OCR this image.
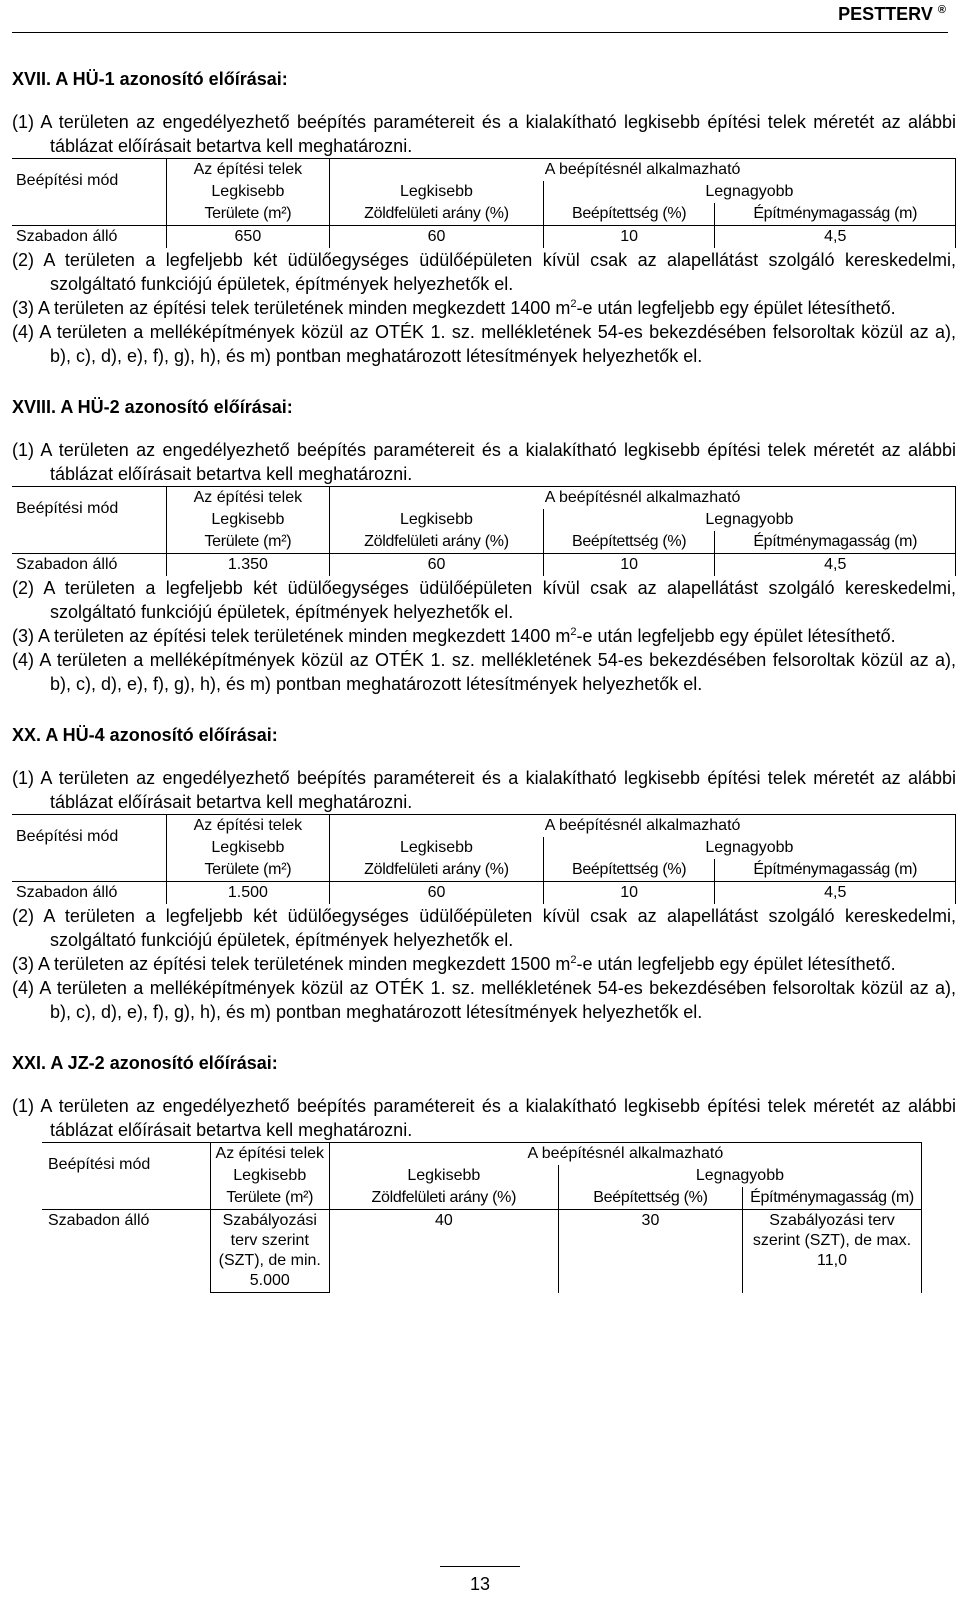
PESTTERV ®
XVII. A HÜ-1 azonosító előírásai:

(1) A területen az engedélyezhető beépítés paramétereit és a kialakítható legkisebb építési telek méretét az alábbi táblázat előírásait betartva kell meghatározni.

Beépítési mód	Az építési telek	A beépítésnél alkalmazható		
	Legkisebb	Legkisebb	Legnagyobb	
	Területe (m²)	Zöldfelületi arány (%)	Beépítettség (%)	Építménymagasság (m)
Szabadon álló	650	60	10	4,5

(2) A területen a legfeljebb két üdülőegységes üdülőépületen kívül csak az alapellátást szolgáló kereskedelmi, szolgáltató funkciójú épületek, építmények helyezhetők el.

(3) A területen az építési telek területének minden megkezdett 1400 $m^2-e$ után legfeljebb egy épület létesíthető.

(4) A területen a melléképítmények közül az OTÉK 1. sz. mellékletének 54-es bekezdésében felsoroltak közül az a), b), c), d), e), f), g), h), és m) pontban meghatározott létesítmények helyezhetők el.

XVIII. A HÜ-2 azonosító előírásai:

(1) A területen az engedélyezhető beépítés paramétereit és a kialakítható legkisebb építési telek méretét az alábbi táblázat előírásait betartva kell meghatározni.

Beépítési mód	Az építési telek	A beépítésnél alkalmazható		
	Legkisebb	Legkisebb	Legnagyobb	
	Területe (m²)	Zöldfelületi arány (%)	Beépítettség (%)	Építménymagasság (m)
Szabadon álló	1.350	60	10	4,5

(2) A területen a legfeljebb két üdülőegységes üdülőépületen kívül csak az alapellátást szolgáló kereskedelmi, szolgáltató funkciójú épületek, építmények helyezhetők el.

(3) A területen az építési telek területének minden megkezdett 1400 $m^2-e$ után legfeljebb egy épület létesíthető.

(4) A területen a melléképítmények közül az OTÉK 1. sz. mellékletének 54-es bekezdésében felsoroltak közül az a), b), c), d), e), f), g), h), és m) pontban meghatározott létesítmények helyezhetők el.

XX. A HÜ-4 azonosító előírásai:

(1) A területen az engedélyezhető beépítés paramétereit és a kialakítható legkisebb építési telek méretét az alábbi táblázat előírásait betartva kell meghatározni.

Beépítési mód	Az építési telek	A beépítésnél alkalmazható		
	Legkisebb	Legkisebb	Legnagyobb	
	Területe (m²)	Zöldfelületi arány (%)	Beépítettség (%)	Építménymagasság (m)
Szabadon álló	1.500	60	10	4,5

(2) A területen a legfeljebb két üdülőegységes üdülőépületen kívül csak az alapellátást szolgáló kereskedelmi, szolgáltató funkciójú épületek, építmények helyezhetők el.

(3) A területen az építési telek területének minden megkezdett 1500 $m^2-e$ után legfeljebb egy épület létesíthető.

(4) A területen a melléképítmények közül az OTÉK 1. sz. mellékletének 54-es bekezdésében felsoroltak közül az a), b), c), d), e), f), g), h), és m) pontban meghatározott létesítmények helyezhetők el.

XXI. A JZ-2 azonosító előírásai:

(1) A területen az engedélyezhető beépítés paramétereit és a kialakítható legkisebb építési telek méretét az alábbi táblázat előírásait betartva kell meghatározni.

Beépítési mód	Az építési telek	A beépítésnél alkalmazható		
	Legkisebb	Legkisebb	Legnagyobb	
	Területe (m²)	Zöldfelületi arány (%)	Beépítettség (%)	Építménymagasság (m)
Szabadon álló	Szabályozási terv szerint (SZT), de min. 5.000	40	30	Szabályozási terv szerint (SZT), de max. 11,0
13
